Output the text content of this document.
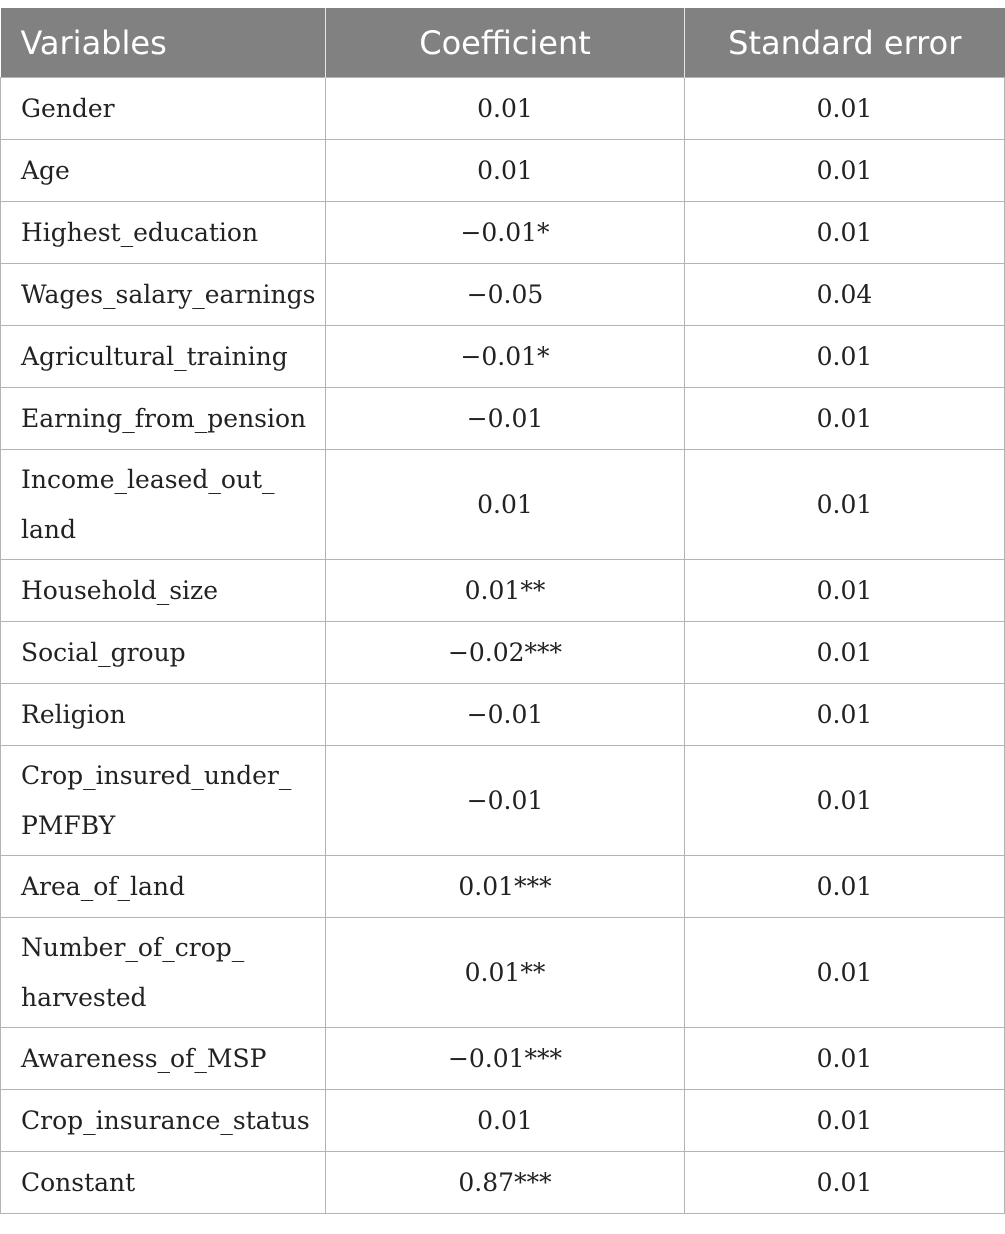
Variables	Coefficient	Standard error
Gender	0.01	0.01
Age	0.01	0.01
Highest_education	−0.01*	0.01
Wages_salary_earnings	−0.05	0.04
Agricultural_training	−0.01*	0.01
Earning_from_pension	−0.01	0.01
Income_leased_out_ land	0.01	0.01
Household_size	0.01**	0.01
Social_group	−0.02***	0.01
Religion	−0.01	0.01
Crop_insured_under_ PMFBY	−0.01	0.01
Area_of_land	0.01***	0.01
Number_of_crop_ harvested	0.01**	0.01
Awareness_of_MSP	−0.01***	0.01
Crop_insurance_status	0.01	0.01
Constant	0.87***	0.01
